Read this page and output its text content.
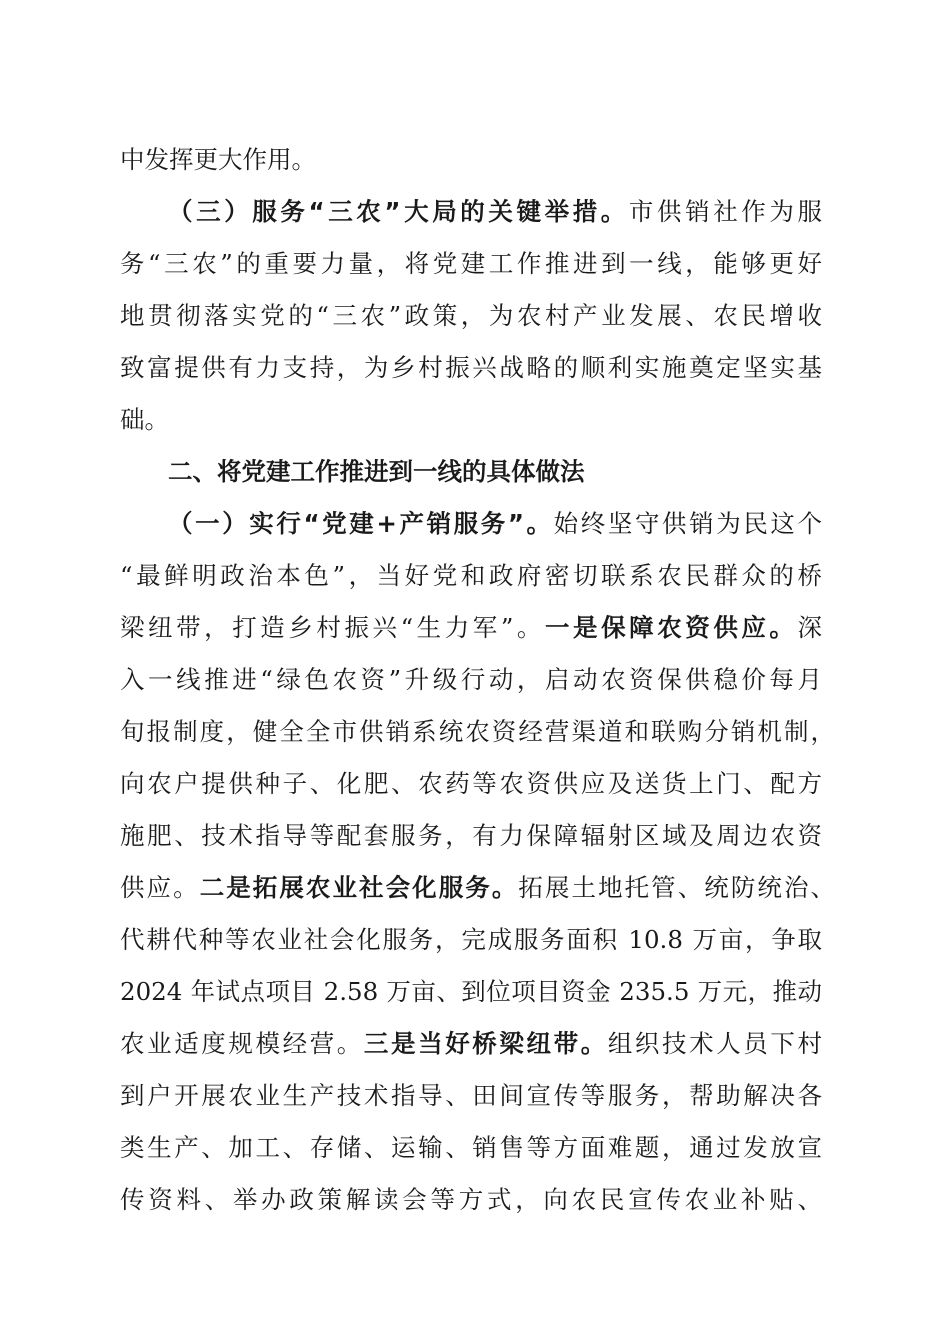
中发挥更大作用。
（三）服务“三农”大局的关键举措。市供销社作为服
务“三农”的重要力量，将党建工作推进到一线，能够更好
地贯彻落实党的“三农”政策，为农村产业发展、农民增收
致富提供有力支持，为乡村振兴战略的顺利实施奠定坚实基
础。
二、将党建工作推进到一线的具体做法
（一）实行“党建+产销服务”。始终坚守供销为民这个
“最鲜明政治本色”，当好党和政府密切联系农民群众的桥
梁纽带，打造乡村振兴“生力军”。一是保障农资供应。深
入一线推进“绿色农资”升级行动，启动农资保供稳价每月
旬报制度，健全全市供销系统农资经营渠道和联购分销机制，
向农户提供种子、化肥、农药等农资供应及送货上门、配方
施肥、技术指导等配套服务，有力保障辐射区域及周边农资
供应。二是拓展农业社会化服务。拓展土地托管、统防统治、
代耕代种等农业社会化服务，完成服务面积 10.8 万亩，争取
2024 年试点项目 2.58 万亩、到位项目资金 235.5 万元，推动
农业适度规模经营。三是当好桥梁纽带。组织技术人员下村
到户开展农业生产技术指导、田间宣传等服务，帮助解决各
类生产、加工、存储、运输、销售等方面难题，通过发放宣
传资料、举办政策解读会等方式，向农民宣传农业补贴、
